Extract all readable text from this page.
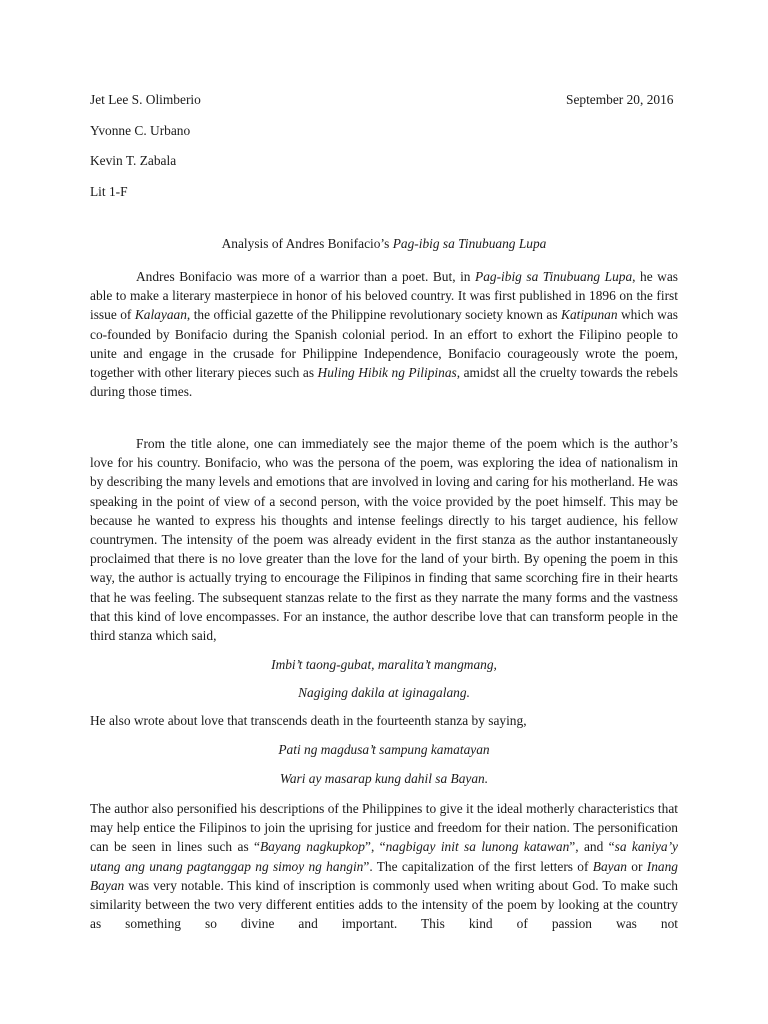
Jet Lee S. Olimberio

Yvonne C. Urbano

Kevin T. Zabala

Lit 1-F

September 20, 2016

Analysis of Andres Bonifacio’s Pag-ibig sa Tinubuang Lupa

Andres Bonifacio was more of a warrior than a poet. But, in Pag-ibig sa Tinubuang Lupa, he was able to make a literary masterpiece in honor of his beloved country. It was first published in 1896 on the first issue of Kalayaan, the official gazette of the Philippine revolutionary society known as Katipunan which was co-founded by Bonifacio during the Spanish colonial period. In an effort to exhort the Filipino people to unite and engage in the crusade for Philippine Independence, Bonifacio courageously wrote the poem, together with other literary pieces such as Huling Hibik ng Pilipinas, amidst all the cruelty towards the rebels during those times.

From the title alone, one can immediately see the major theme of the poem which is the author’s love for his country. Bonifacio, who was the persona of the poem, was exploring the idea of nationalism in by describing the many levels and emotions that are involved in loving and caring for his motherland. He was speaking in the point of view of a second person, with the voice provided by the poet himself. This may be because he wanted to express his thoughts and intense feelings directly to his target audience, his fellow countrymen. The intensity of the poem was already evident in the first stanza as the author instantaneously proclaimed that there is no love greater than the love for the land of your birth. By opening the poem in this way, the author is actually trying to encourage the Filipinos in finding that same scorching fire in their hearts that he was feeling. The subsequent stanzas relate to the first as they narrate the many forms and the vastness that this kind of love encompasses. For an instance, the author describe love that can transform people in the third stanza which said,

Imbi’t taong-gubat, maralita’t mangmang,

Nagiging dakila at iginagalang.

He also wrote about love that transcends death in the fourteenth stanza by saying,

Pati ng magdusa’t sampung kamatayan

Wari ay masarap kung dahil sa Bayan.

The author also personified his descriptions of the Philippines to give it the ideal motherly characteristics that may help entice the Filipinos to join the uprising for justice and freedom for their nation. The personification can be seen in lines such as “Bayang nagkupkop”, “nagbigay init sa lunong katawan”, and “sa kaniya’y utang ang unang pagtanggap ng simoy ng hangin”. The capitalization of the first letters of Bayan or Inang Bayan was very notable. This kind of inscription is commonly used when writing about God. To make such similarity between the two very different entities adds to the intensity of the poem by looking at the country as something so divine and important. This kind of passion was not
